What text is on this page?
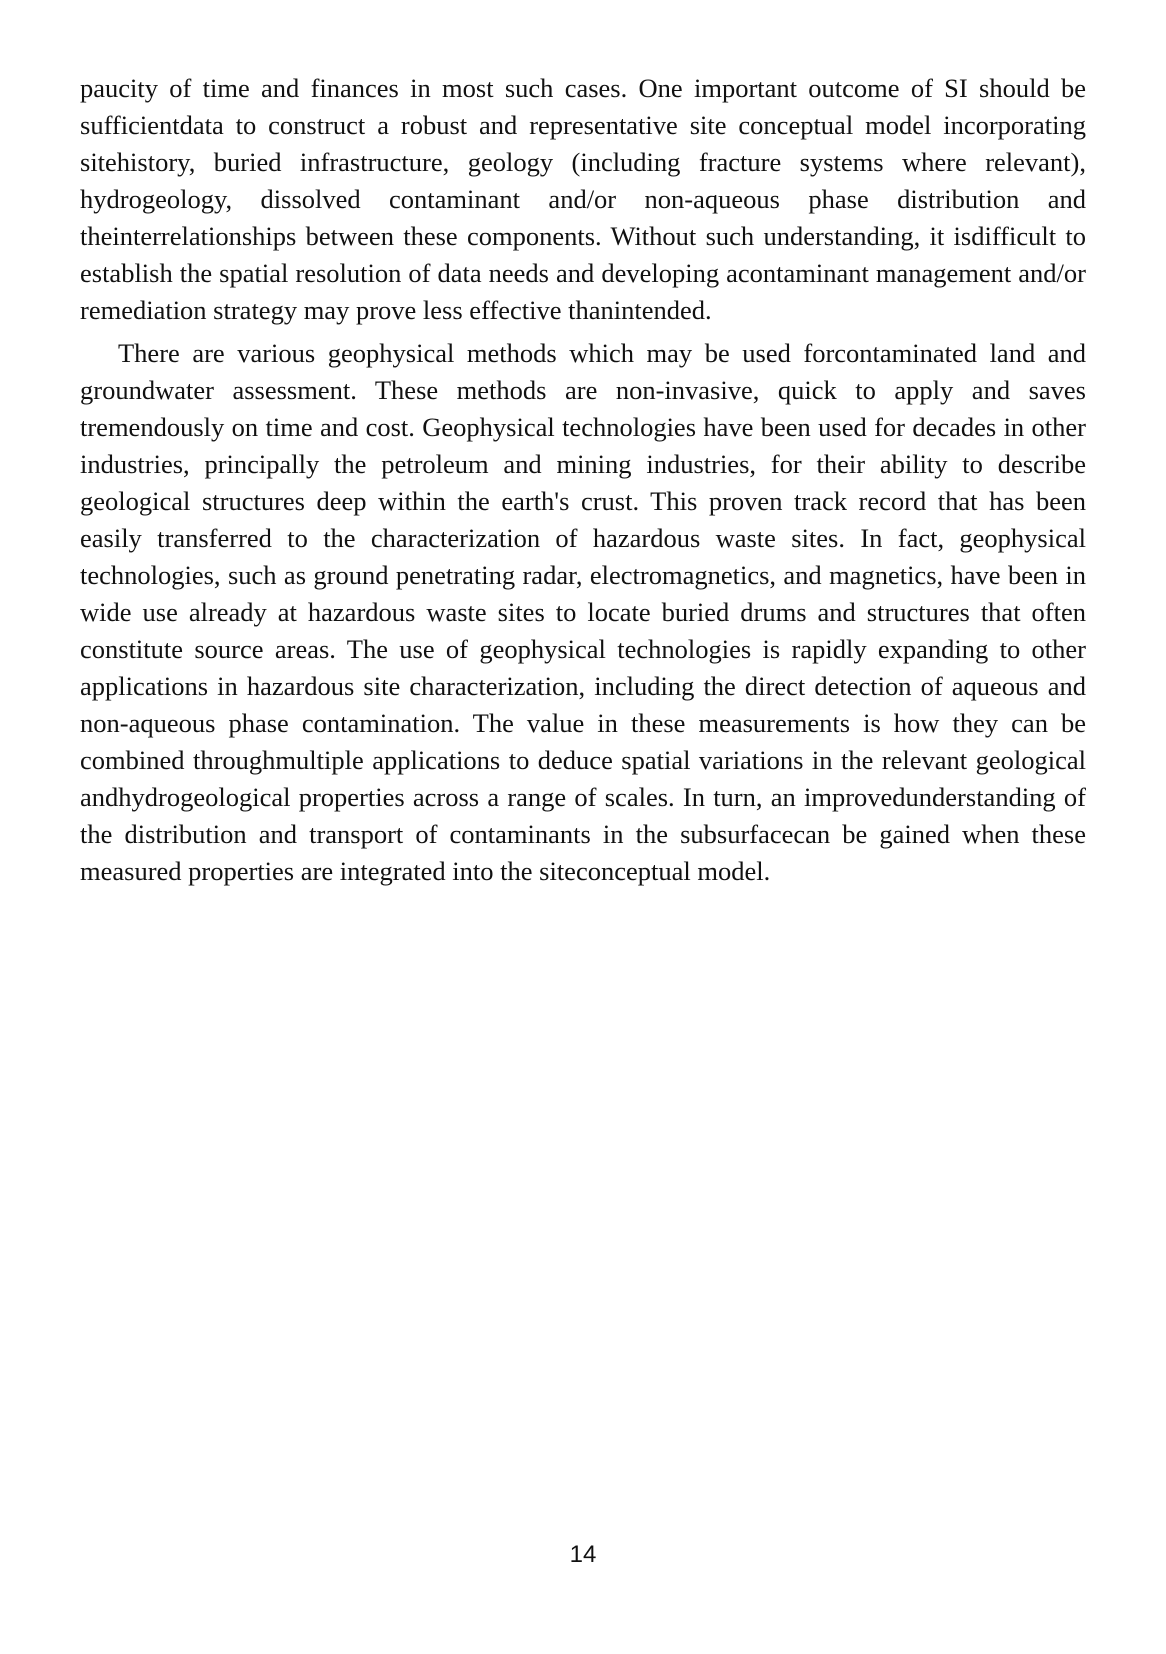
paucity of time and finances in most such cases. One important outcome of SI should be sufficientdata to construct a robust and representative site conceptual model incorporating sitehistory, buried infrastructure, geology (including fracture systems where relevant), hydrogeology, dissolved contaminant and/or non-aqueous phase distribution and theinterrelationships between these components. Without such understanding, it isdifficult to establish the spatial resolution of data needs and developing acontaminant management and/or remediation strategy may prove less effective thanintended.

There are various geophysical methods which may be used forcontaminated land and groundwater assessment. These methods are non-invasive, quick to apply and saves tremendously on time and cost. Geophysical technologies have been used for decades in other industries, principally the petroleum and mining industries, for their ability to describe geological structures deep within the earth's crust. This proven track record that has been easily transferred to the characterization of hazardous waste sites. In fact, geophysical technologies, such as ground penetrating radar, electromagnetics, and magnetics, have been in wide use already at hazardous waste sites to locate buried drums and structures that often constitute source areas. The use of geophysical technologies is rapidly expanding to other applications in hazardous site characterization, including the direct detection of aqueous and non-aqueous phase contamination. The value in these measurements is how they can be combined throughmultiple applications to deduce spatial variations in the relevant geological andhydrogeological properties across a range of scales. In turn, an improvedunderstanding of the distribution and transport of contaminants in the subsurfacecan be gained when these measured properties are integrated into the siteconceptual model.

14
